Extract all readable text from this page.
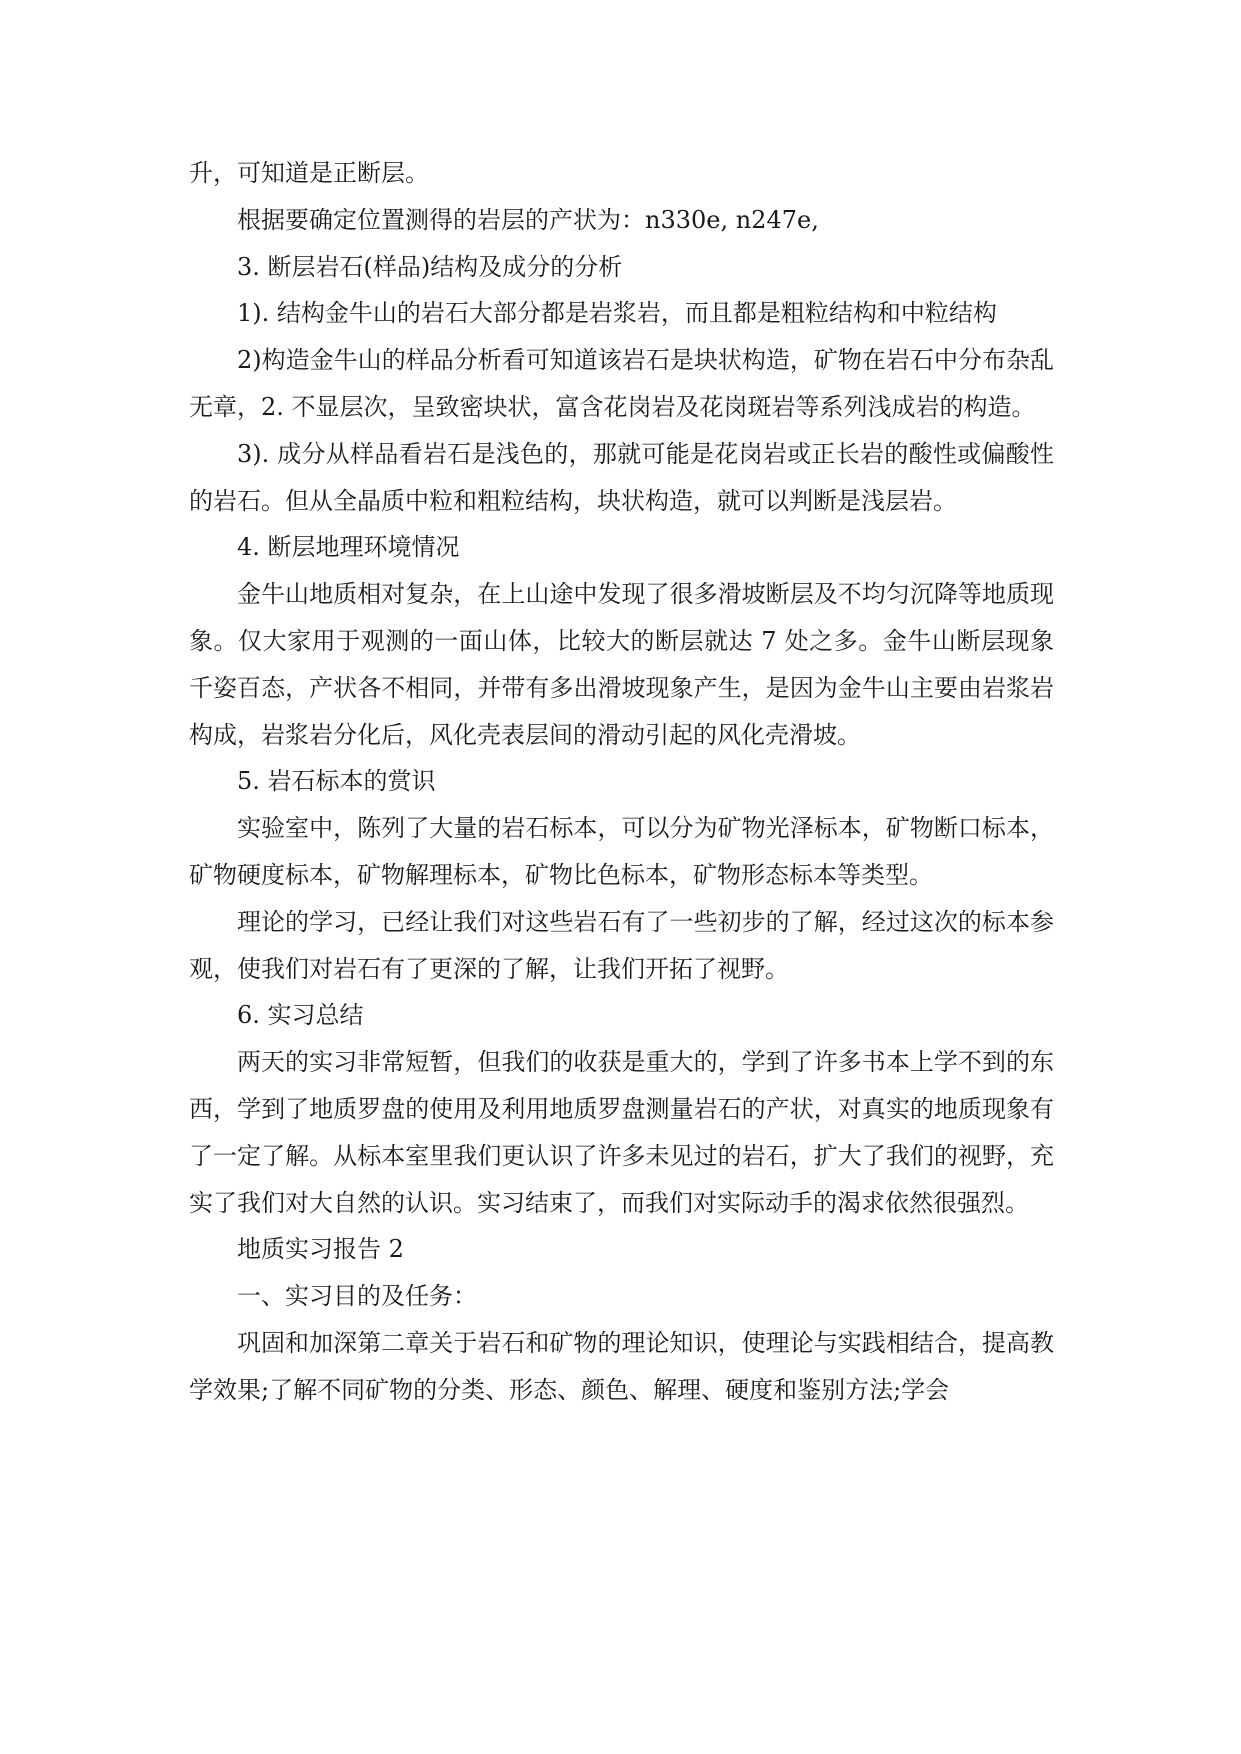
升，可知道是正断层。

根据要确定位置测得的岩层的产状为：n330e, n247e,

3. 断层岩石(样品)结构及成分的分析

1). 结构金牛山的岩石大部分都是岩浆岩，而且都是粗粒结构和中粒结构

2)构造金牛山的样品分析看可知道该岩石是块状构造，矿物在岩石中分布杂乱无章，2. 不显层次，呈致密块状，富含花岗岩及花岗斑岩等系列浅成岩的构造。

3). 成分从样品看岩石是浅色的，那就可能是花岗岩或正长岩的酸性或偏酸性的岩石。但从全晶质中粒和粗粒结构，块状构造，就可以判断是浅层岩。

4. 断层地理环境情况

金牛山地质相对复杂，在上山途中发现了很多滑坡断层及不均匀沉降等地质现象。仅大家用于观测的一面山体，比较大的断层就达 7 处之多。金牛山断层现象千姿百态，产状各不相同，并带有多出滑坡现象产生，是因为金牛山主要由岩浆岩构成，岩浆岩分化后，风化壳表层间的滑动引起的风化壳滑坡。

5. 岩石标本的赏识

实验室中，陈列了大量的岩石标本，可以分为矿物光泽标本，矿物断口标本，矿物硬度标本，矿物解理标本，矿物比色标本，矿物形态标本等类型。

理论的学习，已经让我们对这些岩石有了一些初步的了解，经过这次的标本参观，使我们对岩石有了更深的了解，让我们开拓了视野。

6. 实习总结

两天的实习非常短暂，但我们的收获是重大的，学到了许多书本上学不到的东西，学到了地质罗盘的使用及利用地质罗盘测量岩石的产状，对真实的地质现象有了一定了解。从标本室里我们更认识了许多未见过的岩石，扩大了我们的视野，充实了我们对大自然的认识。实习结束了，而我们对实际动手的渴求依然很强烈。

地质实习报告 2

一、实习目的及任务：

巩固和加深第二章关于岩石和矿物的理论知识，使理论与实践相结合，提高教学效果;了解不同矿物的分类、形态、颜色、解理、硬度和鉴别方法;学会
